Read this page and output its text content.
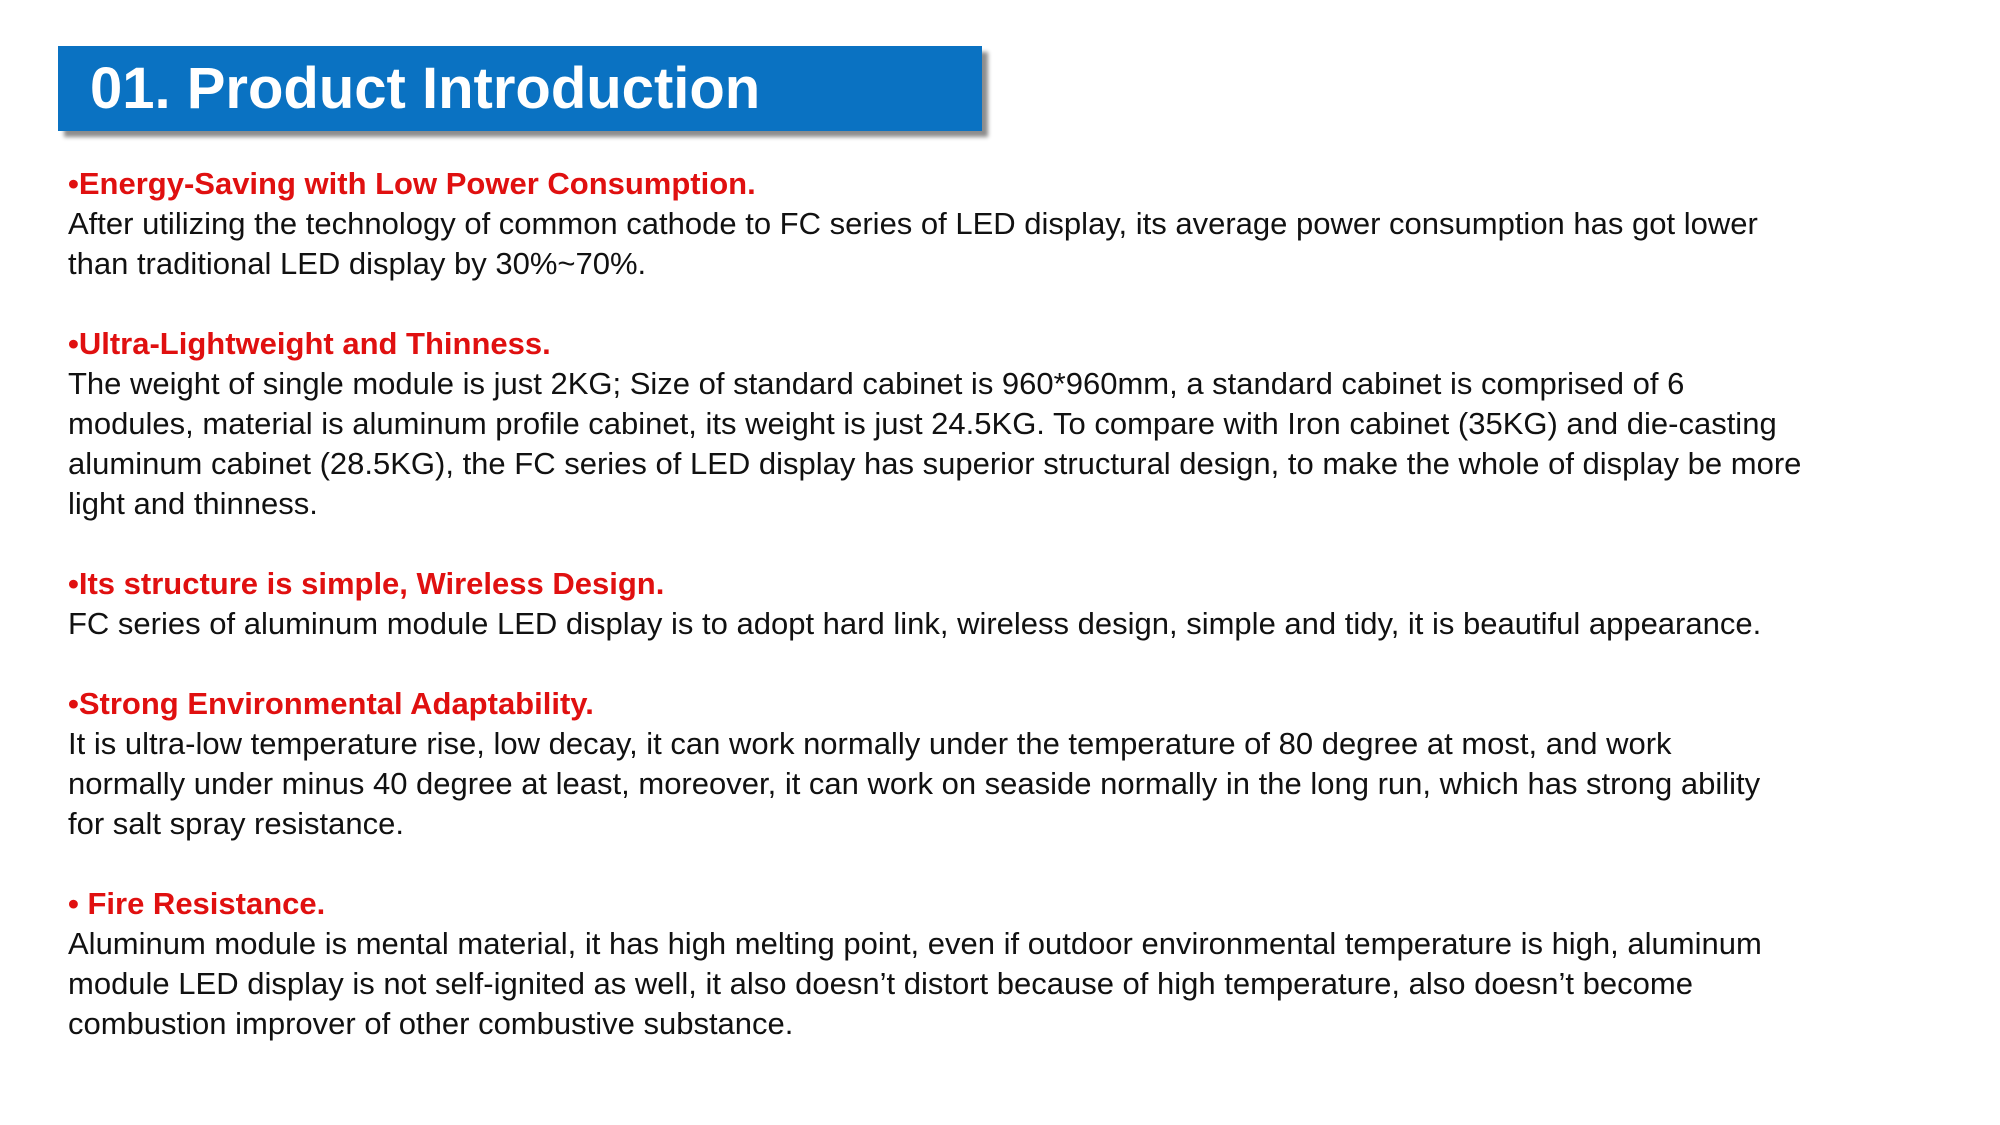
01. Product Introduction
•Energy-Saving with Low Power Consumption.
After utilizing the technology of common cathode to FC series of LED display, its average power consumption has got lower
than traditional LED display by 30%~70%.
•Ultra-Lightweight and Thinness.
The weight of single module is just 2KG; Size of standard cabinet is 960*960mm, a standard cabinet is comprised of 6
modules, material is aluminum profile cabinet, its weight is just 24.5KG. To compare with Iron cabinet (35KG) and die-casting
aluminum cabinet (28.5KG), the FC series of LED display has superior structural design, to make the whole of display be more
light and thinness.
•Its structure is simple, Wireless Design.
FC series of aluminum module LED display is to adopt hard link, wireless design, simple and tidy, it is beautiful appearance.
•Strong Environmental Adaptability.
It is ultra-low temperature rise, low decay, it can work normally under the temperature of 80 degree at most, and work
normally under minus 40 degree at least, moreover, it can work on seaside normally in the long run, which has strong ability
for salt spray resistance.
• Fire Resistance.
Aluminum module is mental material, it has high melting point, even if outdoor environmental temperature is high, aluminum
module LED display is not self-ignited as well, it also doesn’t distort because of high temperature, also doesn’t become
combustion improver of other combustive substance.
